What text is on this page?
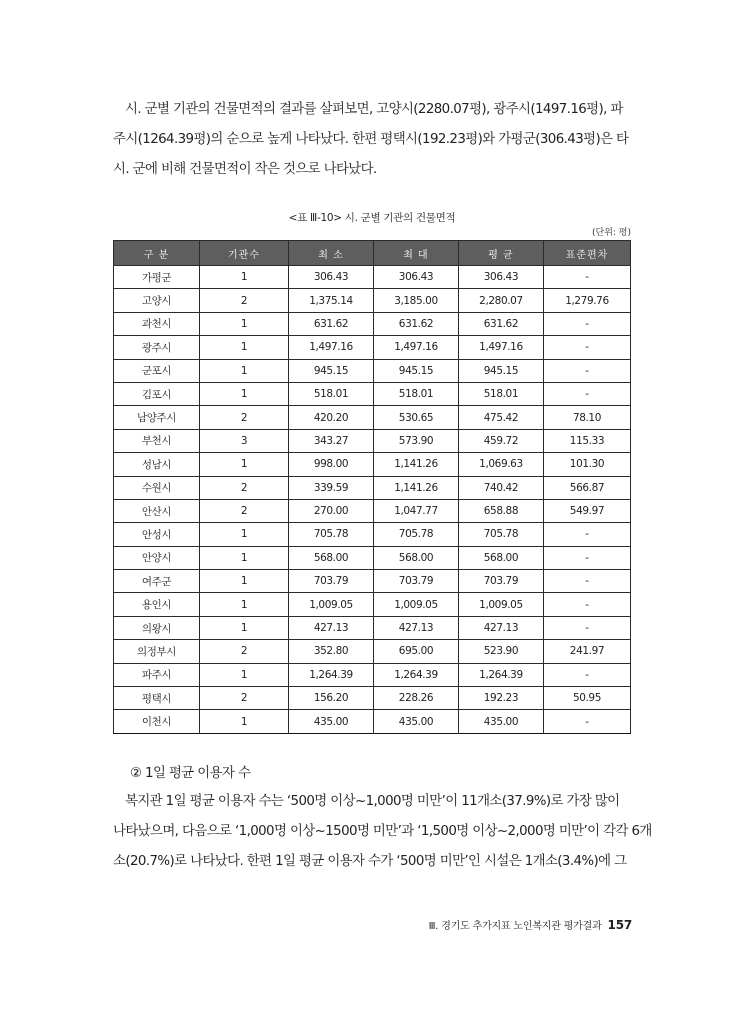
시. 군별 기관의 건물면적의 결과를 살펴보면, 고양시(2280.07평), 광주시(1497.16평), 파

주시(1264.39평)의 순으로 높게 나타났다. 한편 평택시(192.23평)와 가평군(306.43평)은 타

시. 군에 비해 건물면적이 작은 것으로 나타났다.

<표 Ⅲ-10> 시. 군별 기관의 건물면적
(단위: 평)
구 분	기관수	최 소	최 대	평 균	표준편차
가평군	1	306.43	306.43	306.43	-
고양시	2	1,375.14	3,185.00	2,280.07	1,279.76
과천시	1	631.62	631.62	631.62	-
광주시	1	1,497.16	1,497.16	1,497.16	-
군포시	1	945.15	945.15	945.15	-
김포시	1	518.01	518.01	518.01	-
남양주시	2	420.20	530.65	475.42	78.10
부천시	3	343.27	573.90	459.72	115.33
성남시	1	998.00	1,141.26	1,069.63	101.30
수원시	2	339.59	1,141.26	740.42	566.87
안산시	2	270.00	1,047.77	658.88	549.97
안성시	1	705.78	705.78	705.78	-
안양시	1	568.00	568.00	568.00	-
여주군	1	703.79	703.79	703.79	-
용인시	1	1,009.05	1,009.05	1,009.05	-
의왕시	1	427.13	427.13	427.13	-
의정부시	2	352.80	695.00	523.90	241.97
파주시	1	1,264.39	1,264.39	1,264.39	-
평택시	2	156.20	228.26	192.23	50.95
이천시	1	435.00	435.00	435.00	-
② 1일 평균 이용자 수

복지관 1일 평균 이용자 수는 ‘500명 이상~1,000명 미만’이 11개소(37.9%)로 가장 많이

나타났으며, 다음으로 ‘1,000명 이상~1500명 미만’과 ‘1,500명 이상~2,000명 미만’이 각각 6개

소(20.7%)로 나타났다. 한편 1일 평균 이용자 수가 ‘500명 미만’인 시설은 1개소(3.4%)에 그

Ⅲ. 경기도 추가지표 노인복지관 평가결과 157
